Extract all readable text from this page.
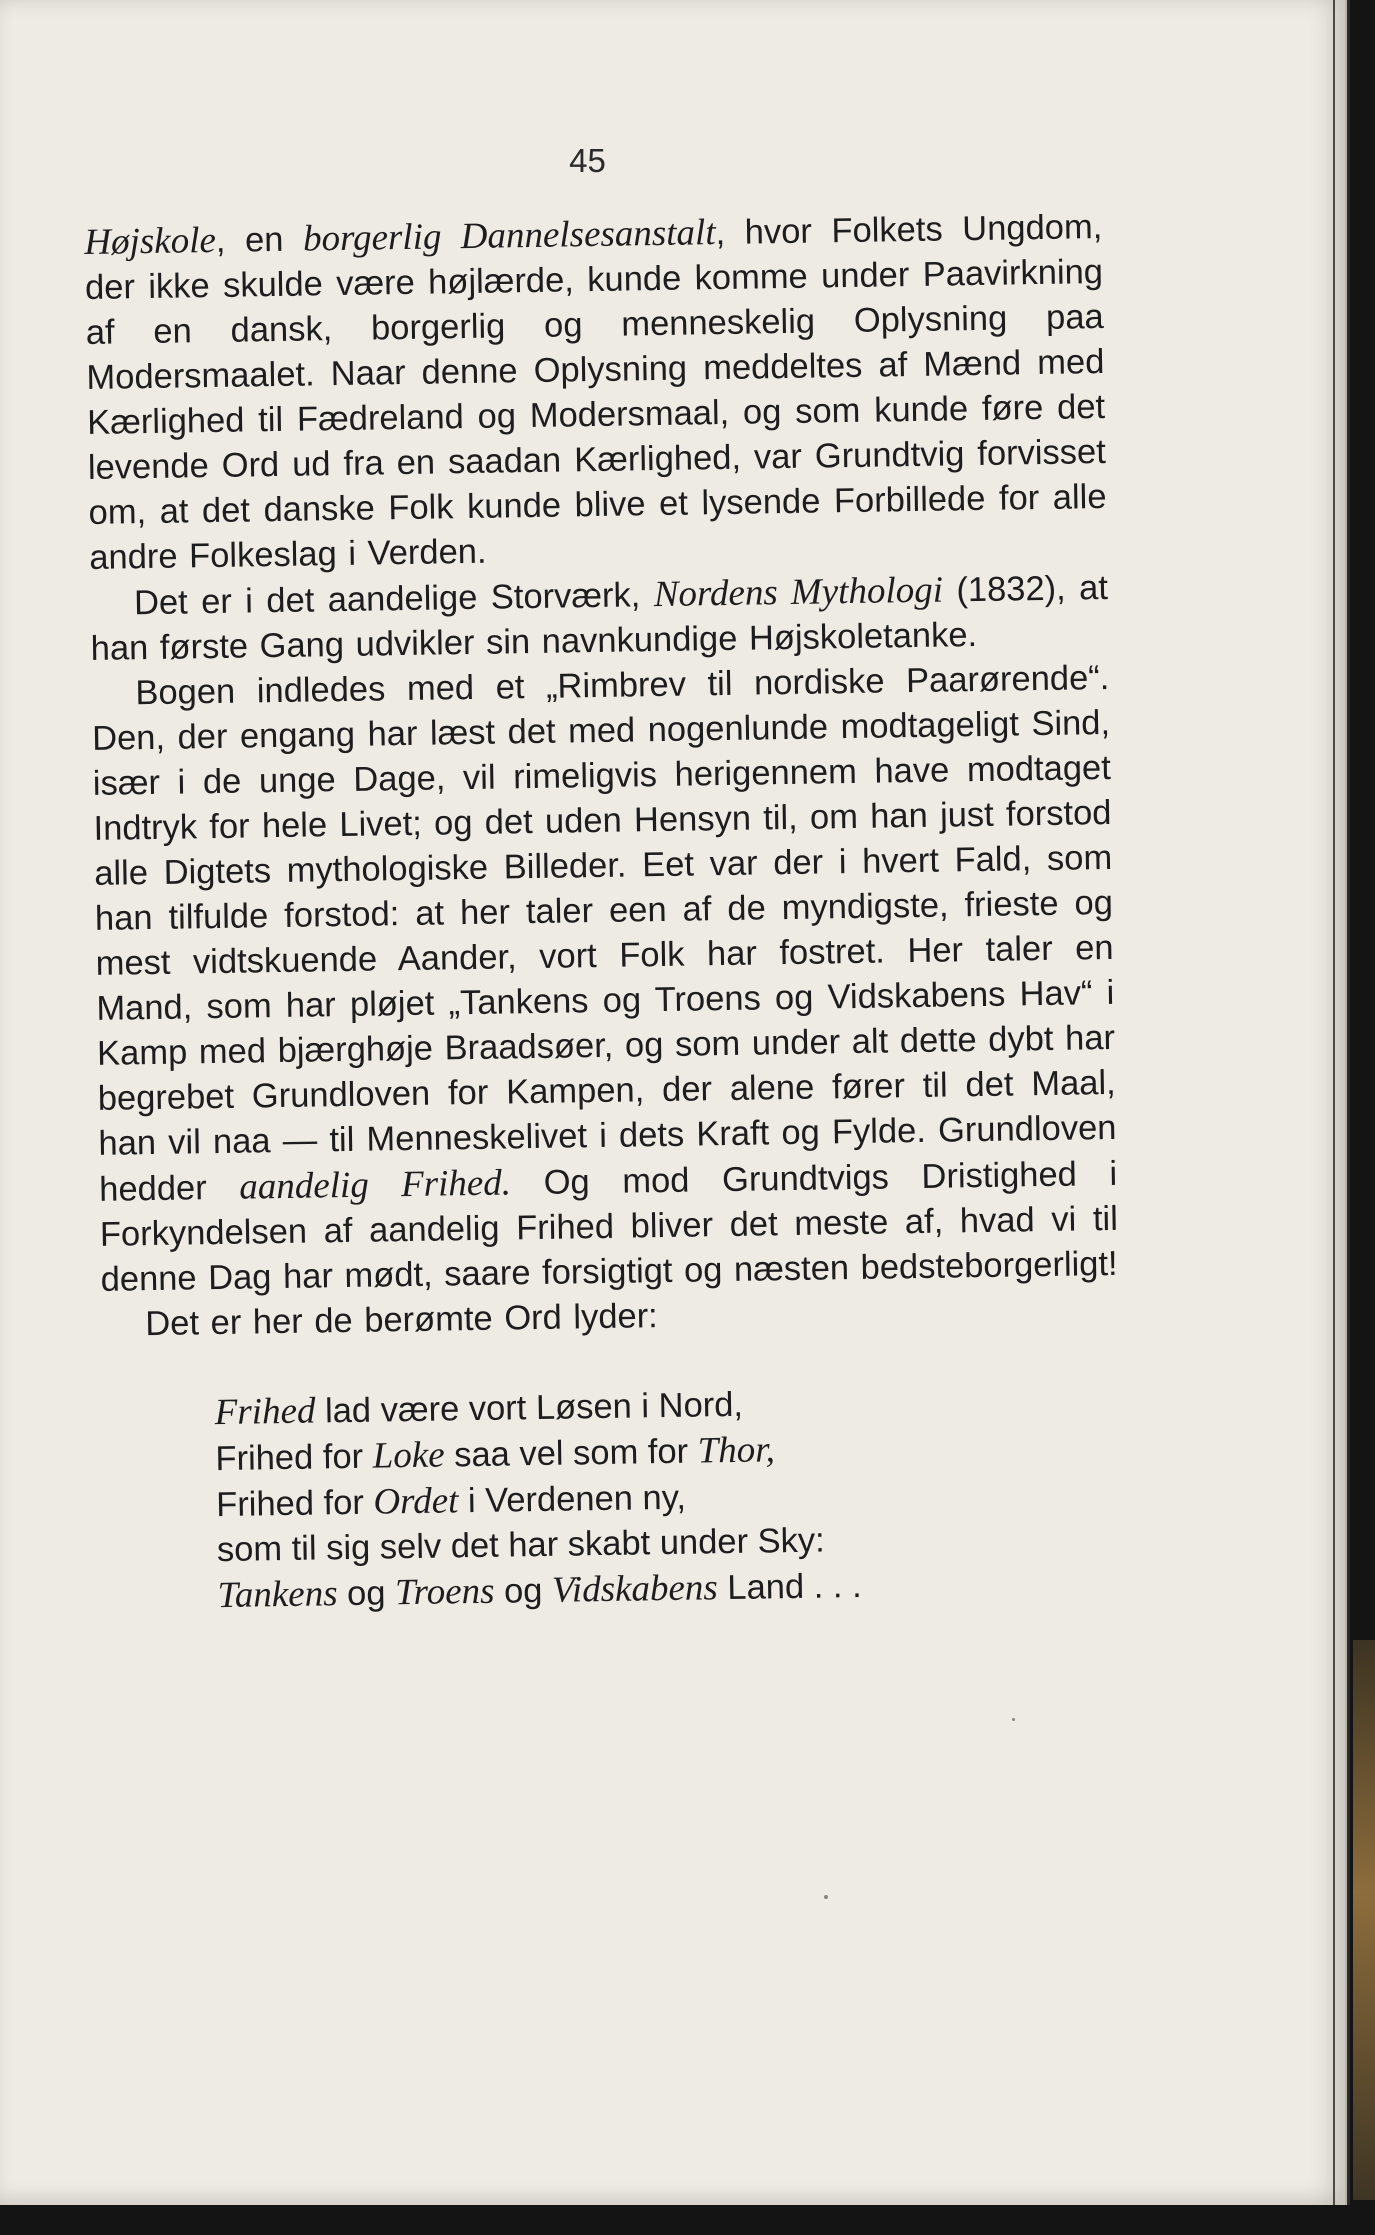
45

Højskole, en borgerlig Dannelsesanstalt, hvor Folkets Ungdom, der ikke skulde være højlærde, kunde komme under Paavirkning af en dansk, borgerlig og menneskelig Oplysning paa Modersmaalet. Naar denne Oplysning meddeltes af Mænd med Kærlighed til Fædreland og Modersmaal, og som kunde føre det levende Ord ud fra en saadan Kærlighed, var Grundtvig forvisset om, at det danske Folk kunde blive et lysende Forbillede for alle andre Folkeslag i Verden.

Det er i det aandelige Storværk, Nordens Mythologi (1832), at han første Gang udvikler sin navnkundige Højskoletanke.

Bogen indledes med et „Rimbrev til nordiske Paarørende“. Den, der engang har læst det med nogenlunde modtageligt Sind, især i de unge Dage, vil rimeligvis herigennem have modtaget Indtryk for hele Livet; og det uden Hensyn til, om han just forstod alle Digtets mythologiske Billeder. Eet var der i hvert Fald, som han tilfulde forstod: at her taler een af de myndigste, frieste og mest vidtskuende Aander, vort Folk har fostret. Her taler en Mand, som har pløjet „Tankens og Troens og Vidskabens Hav“ i Kamp med bjærghøje Braadsøer, og som under alt dette dybt har begrebet Grundloven for Kampen, der alene fører til det Maal, han vil naa — til Menneskelivet i dets Kraft og Fylde. Grundloven hedder aandelig Frihed. Og mod Grundtvigs Dristighed i Forkyndelsen af aandelig Frihed bliver det meste af, hvad vi til denne Dag har mødt, saare forsigtigt og næsten bedsteborgerligt!

Det er her de berømte Ord lyder:

Frihed lad være vort Løsen i Nord,
Frihed for Loke saa vel som for Thor,
Frihed for Ordet i Verdenen ny,
som til sig selv det har skabt under Sky:
Tankens og Troens og Vidskabens Land . . .
